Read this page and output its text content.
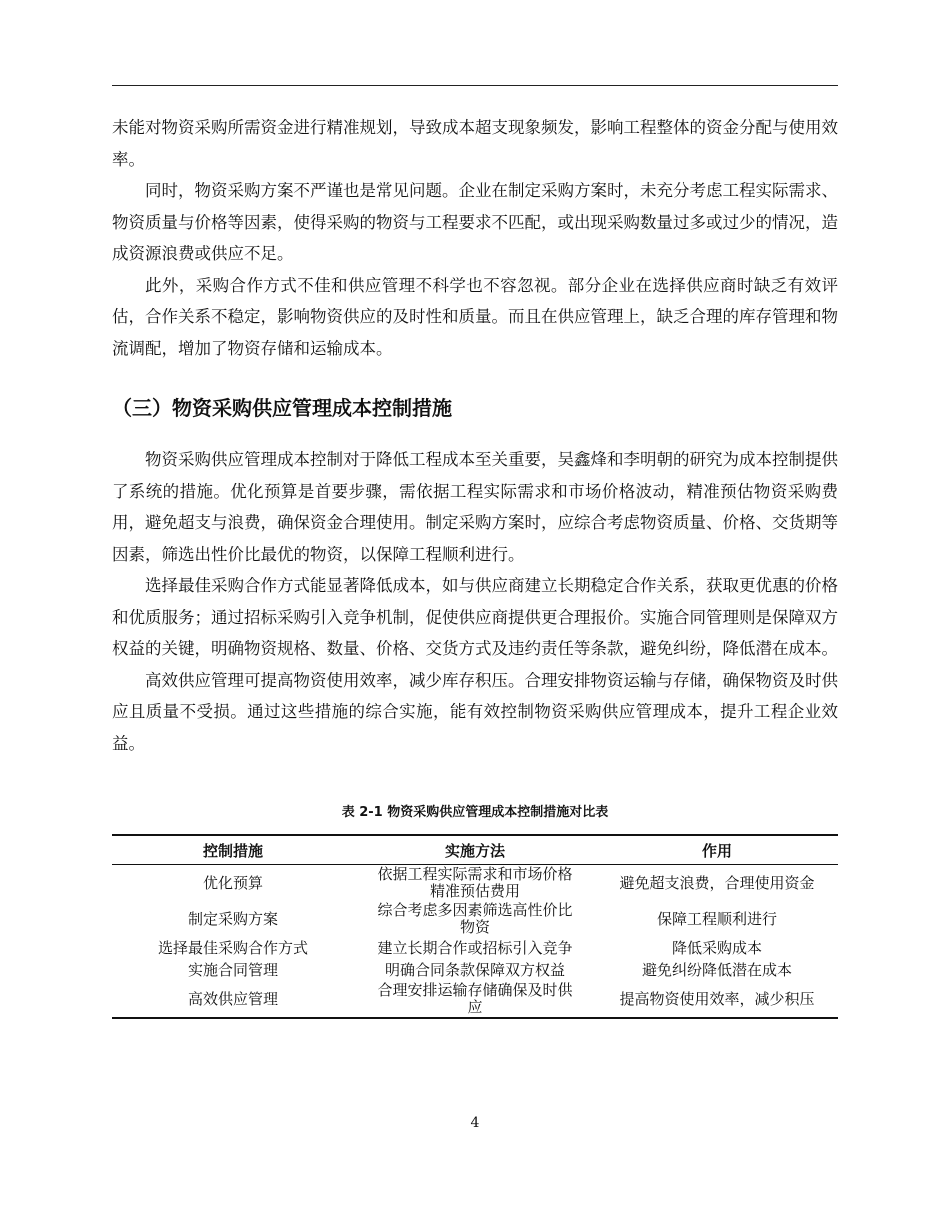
未能对物资采购所需资金进行精准规划，导致成本超支现象频发，影响工程整体的资金分配与使用效率。

同时，物资采购方案不严谨也是常见问题。企业在制定采购方案时，未充分考虑工程实际需求、物资质量与价格等因素，使得采购的物资与工程要求不匹配，或出现采购数量过多或过少的情况，造成资源浪费或供应不足。

此外，采购合作方式不佳和供应管理不科学也不容忽视。部分企业在选择供应商时缺乏有效评估，合作关系不稳定，影响物资供应的及时性和质量。而且在供应管理上，缺乏合理的库存管理和物流调配，增加了物资存储和运输成本。

（三）物资采购供应管理成本控制措施

物资采购供应管理成本控制对于降低工程成本至关重要，吴鑫烽和李明朝的研究为成本控制提供了系统的措施。优化预算是首要步骤，需依据工程实际需求和市场价格波动，精准预估物资采购费用，避免超支与浪费，确保资金合理使用。制定采购方案时，应综合考虑物资质量、价格、交货期等因素，筛选出性价比最优的物资，以保障工程顺利进行。

选择最佳采购合作方式能显著降低成本，如与供应商建立长期稳定合作关系，获取更优惠的价格和优质服务；通过招标采购引入竞争机制，促使供应商提供更合理报价。实施合同管理则是保障双方权益的关键，明确物资规格、数量、价格、交货方式及违约责任等条款，避免纠纷，降低潜在成本。

高效供应管理可提高物资使用效率，减少库存积压。合理安排物资运输与存储，确保物资及时供应且质量不受损。通过这些措施的综合实施，能有效控制物资采购供应管理成本，提升工程企业效益。

表 2-1 物资采购供应管理成本控制措施对比表
控制措施	实施方法	作用
优化预算	依据工程实际需求和市场价格精准预估费用	避免超支浪费，合理使用资金
制定采购方案	综合考虑多因素筛选高性价比物资	保障工程顺利进行
选择最佳采购合作方式	建立长期合作或招标引入竞争	降低采购成本
实施合同管理	明确合同条款保障双方权益	避免纠纷降低潜在成本
高效供应管理	合理安排运输存储确保及时供应	提高物资使用效率，减少积压
4
